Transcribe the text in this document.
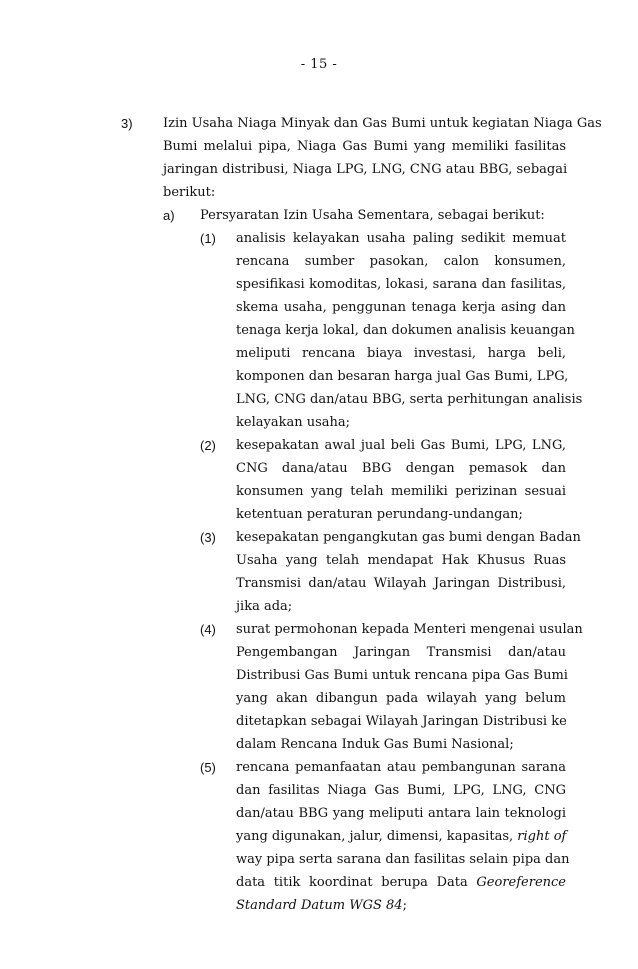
- 15 -
3) Izin Usaha Niaga Minyak dan Gas Bumi untuk kegiatan Niaga Gas
Bumi melalui pipa, Niaga Gas Bumi yang memiliki fasilitas
jaringan distribusi, Niaga LPG, LNG, CNG atau BBG, sebagai
berikut:
a) Persyaratan Izin Usaha Sementara, sebagai berikut:
(1) analisis kelayakan usaha paling sedikit memuat
rencana sumber pasokan, calon konsumen,
spesifikasi komoditas, lokasi, sarana dan fasilitas,
skema usaha, penggunan tenaga kerja asing dan
tenaga kerja lokal, dan dokumen analisis keuangan
meliputi rencana biaya investasi, harga beli,
komponen dan besaran harga jual Gas Bumi, LPG,
LNG, CNG dan/atau BBG, serta perhitungan analisis
kelayakan usaha;
(2) kesepakatan awal jual beli Gas Bumi, LPG, LNG,
CNG dana/atau BBG dengan pemasok dan
konsumen yang telah memiliki perizinan sesuai
ketentuan peraturan perundang-undangan;
(3) kesepakatan pengangkutan gas bumi dengan Badan
Usaha yang telah mendapat Hak Khusus Ruas
Transmisi dan/atau Wilayah Jaringan Distribusi,
jika ada;
(4) surat permohonan kepada Menteri mengenai usulan
Pengembangan Jaringan Transmisi dan/atau
Distribusi Gas Bumi untuk rencana pipa Gas Bumi
yang akan dibangun pada wilayah yang belum
ditetapkan sebagai Wilayah Jaringan Distribusi ke
dalam Rencana Induk Gas Bumi Nasional;
(5) rencana pemanfaatan atau pembangunan sarana
dan fasilitas Niaga Gas Bumi, LPG, LNG, CNG
dan/atau BBG yang meliputi antara lain teknologi
yang digunakan, jalur, dimensi, kapasitas, right of
way pipa serta sarana dan fasilitas selain pipa dan
data titik koordinat berupa Data Georeference
Standard Datum WGS 84;
